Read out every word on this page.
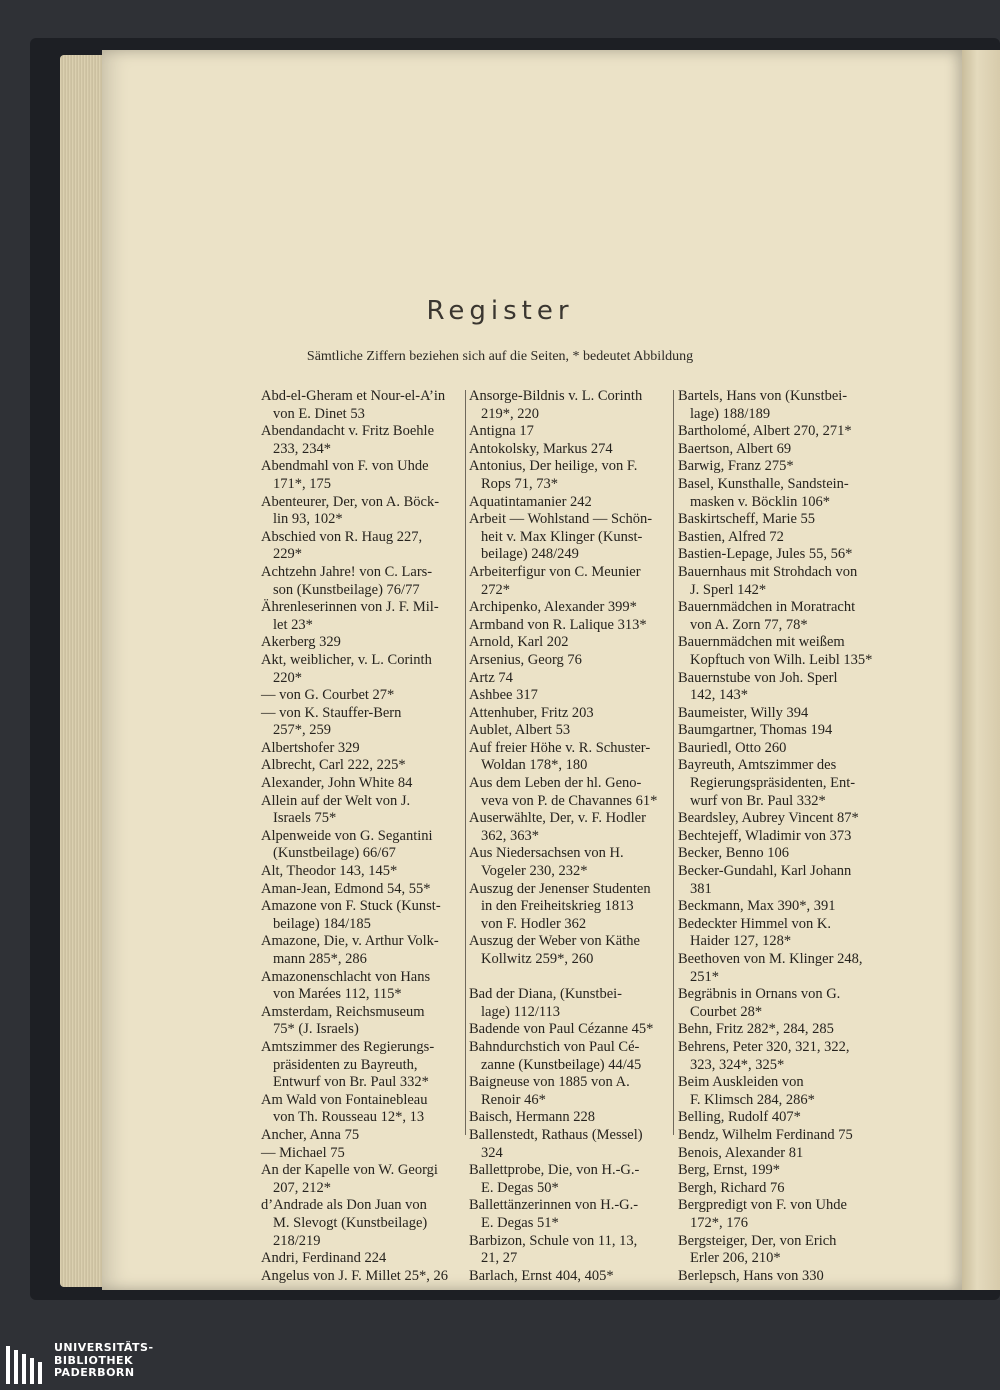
Register
Sämtliche Ziffern beziehen sich auf die Seiten, * bedeutet Abbildung
Abd-el-Gheram et Nour-el-A’in
von E. Dinet 53
Abendandacht v. Fritz Boehle
233, 234*
Abendmahl von F. von Uhde
171*, 175
Abenteurer, Der, von A. Böck-
lin 93, 102*
Abschied von R. Haug 227,
229*
Achtzehn Jahre! von C. Lars-
son (Kunstbeilage) 76/77
Ährenleserinnen von J. F. Mil-
let 23*
Akerberg 329
Akt, weiblicher, v. L. Corinth
220*
— von G. Courbet 27*
— von K. Stauffer-Bern
257*, 259
Albertshofer 329
Albrecht, Carl 222, 225*
Alexander, John White 84
Allein auf der Welt von J.
Israels 75*
Alpenweide von G. Segantini
(Kunstbeilage) 66/67
Alt, Theodor 143, 145*
Aman-Jean, Edmond 54, 55*
Amazone von F. Stuck (Kunst-
beilage) 184/185
Amazone, Die, v. Arthur Volk-
mann 285*, 286
Amazonenschlacht von Hans
von Marées 112, 115*
Amsterdam, Reichsmuseum
75* (J. Israels)
Amtszimmer des Regierungs-
präsidenten zu Bayreuth,
Entwurf von Br. Paul 332*
Am Wald von Fontainebleau
von Th. Rousseau 12*, 13
Ancher, Anna 75
— Michael 75
An der Kapelle von W. Georgi
207, 212*
d’Andrade als Don Juan von
M. Slevogt (Kunstbeilage)
218/219
Andri, Ferdinand 224
Angelus von J. F. Millet 25*, 26
Ansorge-Bildnis v. L. Corinth
219*, 220
Antigna 17
Antokolsky, Markus 274
Antonius, Der heilige, von F.
Rops 71, 73*
Aquatintamanier 242
Arbeit — Wohlstand — Schön-
heit v. Max Klinger (Kunst-
beilage) 248/249
Arbeiterfigur von C. Meunier
272*
Archipenko, Alexander 399*
Armband von R. Lalique 313*
Arnold, Karl 202
Arsenius, Georg 76
Artz 74
Ashbee 317
Attenhuber, Fritz 203
Aublet, Albert 53
Auf freier Höhe v. R. Schuster-
Woldan 178*, 180
Aus dem Leben der hl. Geno-
veva von P. de Chavannes 61*
Auserwählte, Der, v. F. Hodler
362, 363*
Aus Niedersachsen von H.
Vogeler 230, 232*
Auszug der Jenenser Studenten
in den Freiheitskrieg 1813
von F. Hodler 362
Auszug der Weber von Käthe
Kollwitz 259*, 260
Bad der Diana, (Kunstbei-
lage) 112/113
Badende von Paul Cézanne 45*
Bahndurchstich von Paul Cé-
zanne (Kunstbeilage) 44/45
Baigneuse von 1885 von A.
Renoir 46*
Baisch, Hermann 228
Ballenstedt, Rathaus (Messel)
324
Ballettprobe, Die, von H.-G.-
E. Degas 50*
Ballettänzerinnen von H.-G.-
E. Degas 51*
Barbizon, Schule von 11, 13,
21, 27
Barlach, Ernst 404, 405*
Bartels, Hans von (Kunstbei-
lage) 188/189
Bartholomé, Albert 270, 271*
Baertson, Albert 69
Barwig, Franz 275*
Basel, Kunsthalle, Sandstein-
masken v. Böcklin 106*
Baskirtscheff, Marie 55
Bastien, Alfred 72
Bastien-Lepage, Jules 55, 56*
Bauernhaus mit Strohdach von
J. Sperl 142*
Bauernmädchen in Moratracht
von A. Zorn 77, 78*
Bauernmädchen mit weißem
Kopftuch von Wilh. Leibl 135*
Bauernstube von Joh. Sperl
142, 143*
Baumeister, Willy 394
Baumgartner, Thomas 194
Bauriedl, Otto 260
Bayreuth, Amtszimmer des
Regierungspräsidenten, Ent-
wurf von Br. Paul 332*
Beardsley, Aubrey Vincent 87*
Bechtejeff, Wladimir von 373
Becker, Benno 106
Becker-Gundahl, Karl Johann
381
Beckmann, Max 390*, 391
Bedeckter Himmel von K.
Haider 127, 128*
Beethoven von M. Klinger 248,
251*
Begräbnis in Ornans von G.
Courbet 28*
Behn, Fritz 282*, 284, 285
Behrens, Peter 320, 321, 322,
323, 324*, 325*
Beim Auskleiden von
F. Klimsch 284, 286*
Belling, Rudolf 407*
Bendz, Wilhelm Ferdinand 75
Benois, Alexander 81
Berg, Ernst, 199*
Bergh, Richard 76
Bergpredigt von F. von Uhde
172*, 176
Bergsteiger, Der, von Erich
Erler 206, 210*
Berlepsch, Hans von 330
UNIVERSITÄTS-
BIBLIOTHEK
PADERBORN
